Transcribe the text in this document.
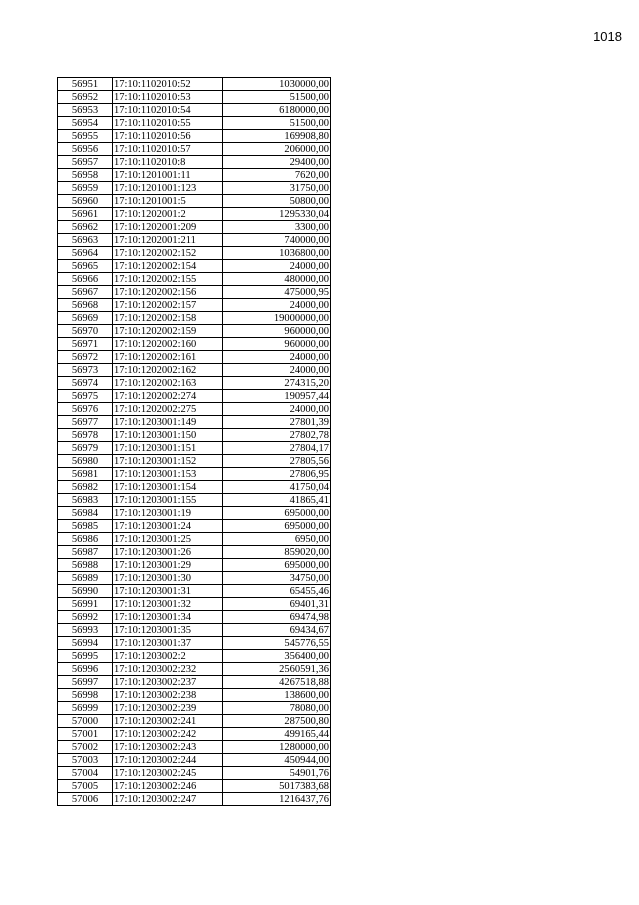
1018
56951	17:10:1102010:52	1030000,00
56952	17:10:1102010:53	51500,00
56953	17:10:1102010:54	6180000,00
56954	17:10:1102010:55	51500,00
56955	17:10:1102010:56	169908,80
56956	17:10:1102010:57	206000,00
56957	17:10:1102010:8	29400,00
56958	17:10:1201001:11	7620,00
56959	17:10:1201001:123	31750,00
56960	17:10:1201001:5	50800,00
56961	17:10:1202001:2	1295330,04
56962	17:10:1202001:209	3300,00
56963	17:10:1202001:211	740000,00
56964	17:10:1202002:152	1036800,00
56965	17:10:1202002:154	24000,00
56966	17:10:1202002:155	480000,00
56967	17:10:1202002:156	475000,95
56968	17:10:1202002:157	24000,00
56969	17:10:1202002:158	19000000,00
56970	17:10:1202002:159	960000,00
56971	17:10:1202002:160	960000,00
56972	17:10:1202002:161	24000,00
56973	17:10:1202002:162	24000,00
56974	17:10:1202002:163	274315,20
56975	17:10:1202002:274	190957,44
56976	17:10:1202002:275	24000,00
56977	17:10:1203001:149	27801,39
56978	17:10:1203001:150	27802,78
56979	17:10:1203001:151	27804,17
56980	17:10:1203001:152	27805,56
56981	17:10:1203001:153	27806,95
56982	17:10:1203001:154	41750,04
56983	17:10:1203001:155	41865,41
56984	17:10:1203001:19	695000,00
56985	17:10:1203001:24	695000,00
56986	17:10:1203001:25	6950,00
56987	17:10:1203001:26	859020,00
56988	17:10:1203001:29	695000,00
56989	17:10:1203001:30	34750,00
56990	17:10:1203001:31	65455,46
56991	17:10:1203001:32	69401,31
56992	17:10:1203001:34	69474,98
56993	17:10:1203001:35	69434,67
56994	17:10:1203001:37	545776,55
56995	17:10:1203002:2	356400,00
56996	17:10:1203002:232	2560591,36
56997	17:10:1203002:237	4267518,88
56998	17:10:1203002:238	138600,00
56999	17:10:1203002:239	78080,00
57000	17:10:1203002:241	287500,80
57001	17:10:1203002:242	499165,44
57002	17:10:1203002:243	1280000,00
57003	17:10:1203002:244	450944,00
57004	17:10:1203002:245	54901,76
57005	17:10:1203002:246	5017383,68
57006	17:10:1203002:247	1216437,76
